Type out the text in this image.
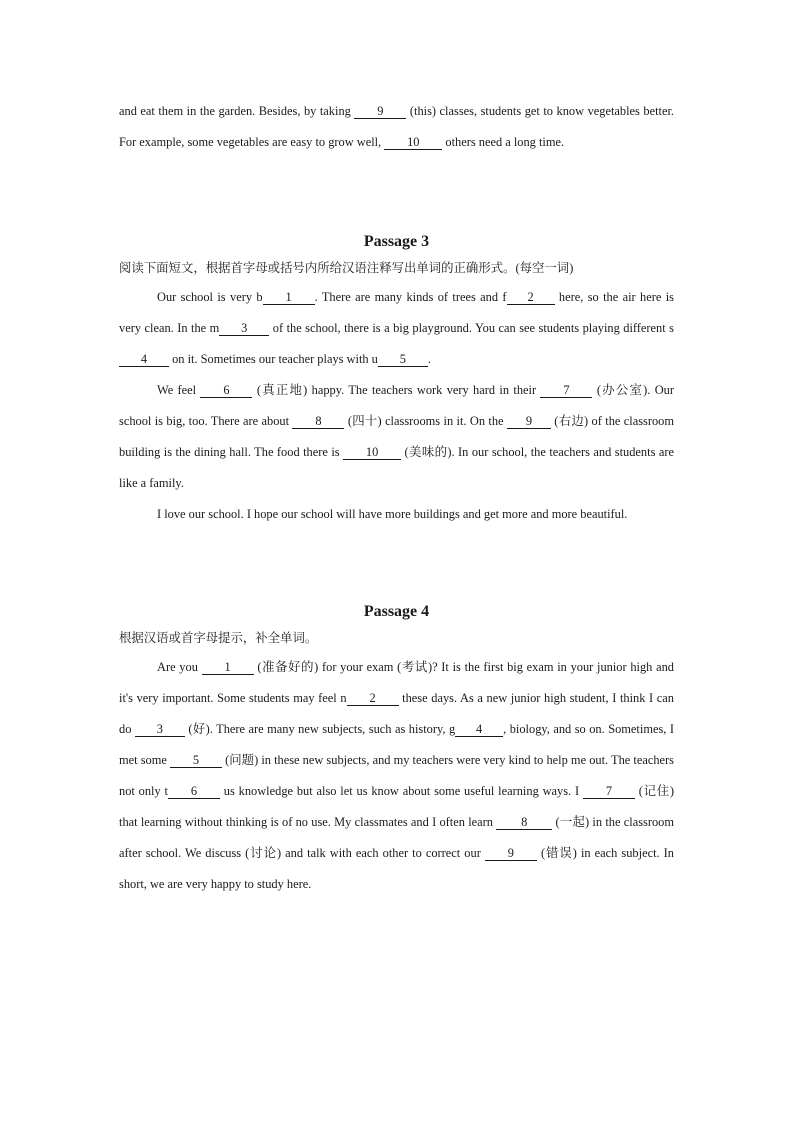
and eat them in the garden. Besides, by taking 9 (this) classes, students get to know vegetables better. For example, some vegetables are easy to grow well, 10 others need a long time.

Passage 3

阅读下面短文，根据首字母或括号内所给汉语注释写出单词的正确形式。(每空一词)

Our school is very b 1 . There are many kinds of trees and f 2 here, so the air here is very clean. In the m 3 of the school, there is a big playground. You can see students playing different s4 on it. Sometimes our teacher plays with u 5 .

We feel 6 (真正地) happy. The teachers work very hard in their 7 (办公室). Our school is big, too. There are about 8 (四十) classrooms in it. On the 9 (右边) of the classroom building is the dining hall. The food there is 10 (美味的). In our school, the teachers and students are like a family.

I love our school. I hope our school will have more buildings and get more and more beautiful.

Passage 4

根据汉语或首字母提示，补全单词。

Are you 1 (准备好的) for your exam (考试)? It is the first big exam in your junior high and it's very important. Some students may feel n 2 these days. As a new junior high student, I think I can do 3 (好). There are many new subjects, such as history, g 4 , biology, and so on. Sometimes, I met some 5 (问题) in these new subjects, and my teachers were very kind to help me out. The teachers not only t 6 us knowledge but also let us know about some useful learning ways. I 7 (记住) that learning without thinking is of no use. My classmates and I often learn 8 (一起) in the classroom after school. We discuss (讨论) and talk with each other to correct our 9 (错误) in each subject. In short, we are very happy to study here.
